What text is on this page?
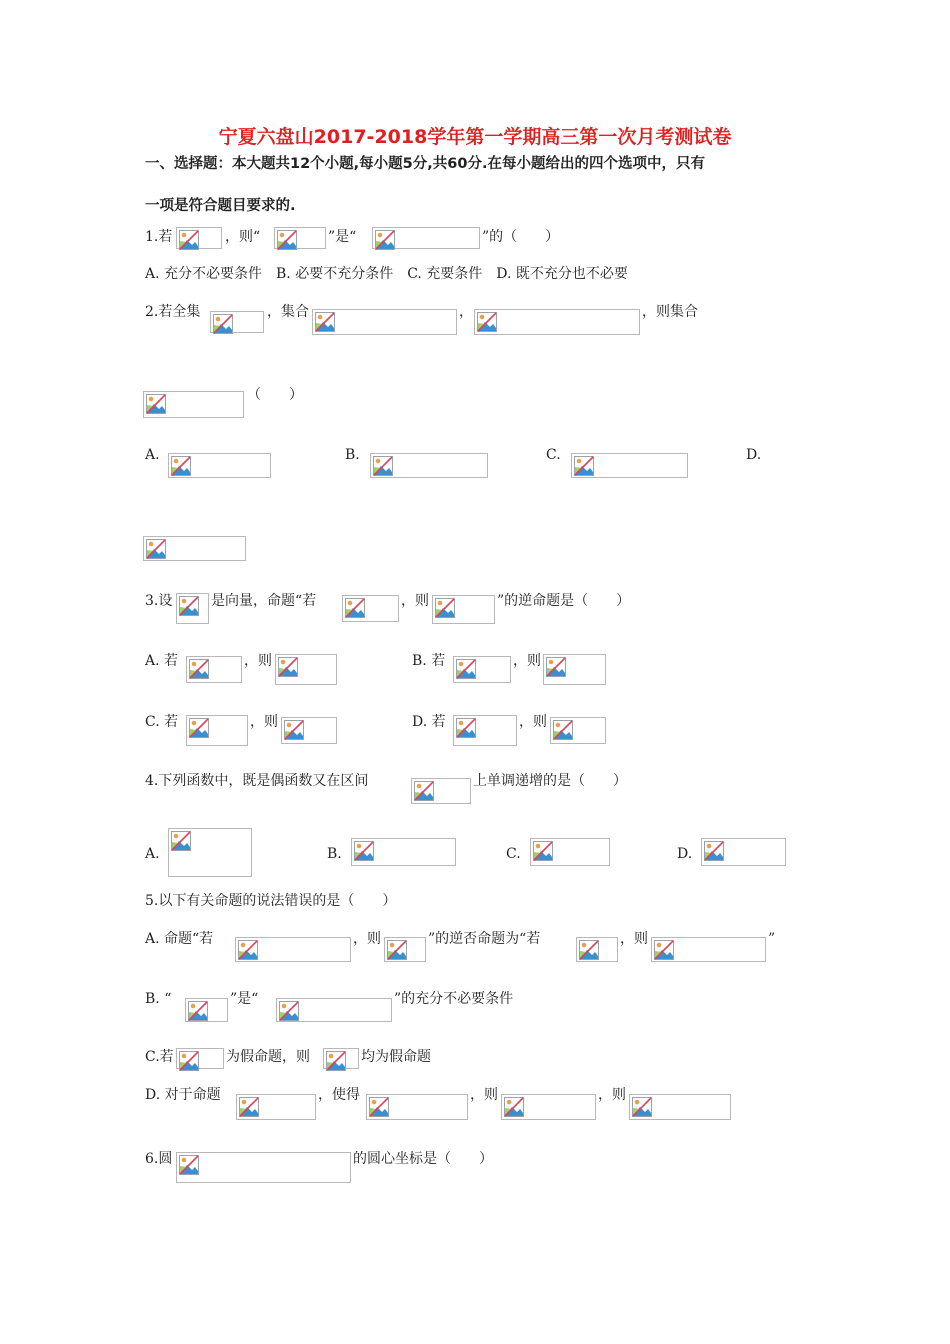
宁夏六盘山2017-2018学年第一学期高三第一次月考测试卷
一、选择题：本大题共12个小题,每小题5分,共60分.在每小题给出的四个选项中，只有
一项是符合题目要求的.
1.若	，则“	”是“	”的（　　）
A. 充分不必要条件　B. 必要不充分条件　C. 充要条件　D. 既不充分也不必要
2.若全集	，集合	，	，则集合
（　　）
A.	B.	C.	D.
3.设	是向量，命题“若	，则	”的逆命题是（　　）
A. 若	，则	B. 若	，则
C. 若	，则	D. 若	，则
4.下列函数中，既是偶函数又在区间	上单调递增的是（　　）
A.	B.	C.	D.
5.以下有关命题的说法错误的是（　　）
A. 命题“若	，则	”的逆否命题为“若	，则	”
B. “	”是“	”的充分不必要条件
C.若	为假命题，则	均为假命题
D. 对于命题	，使得	，则	，则
6.圆	的圆心坐标是（　　）
